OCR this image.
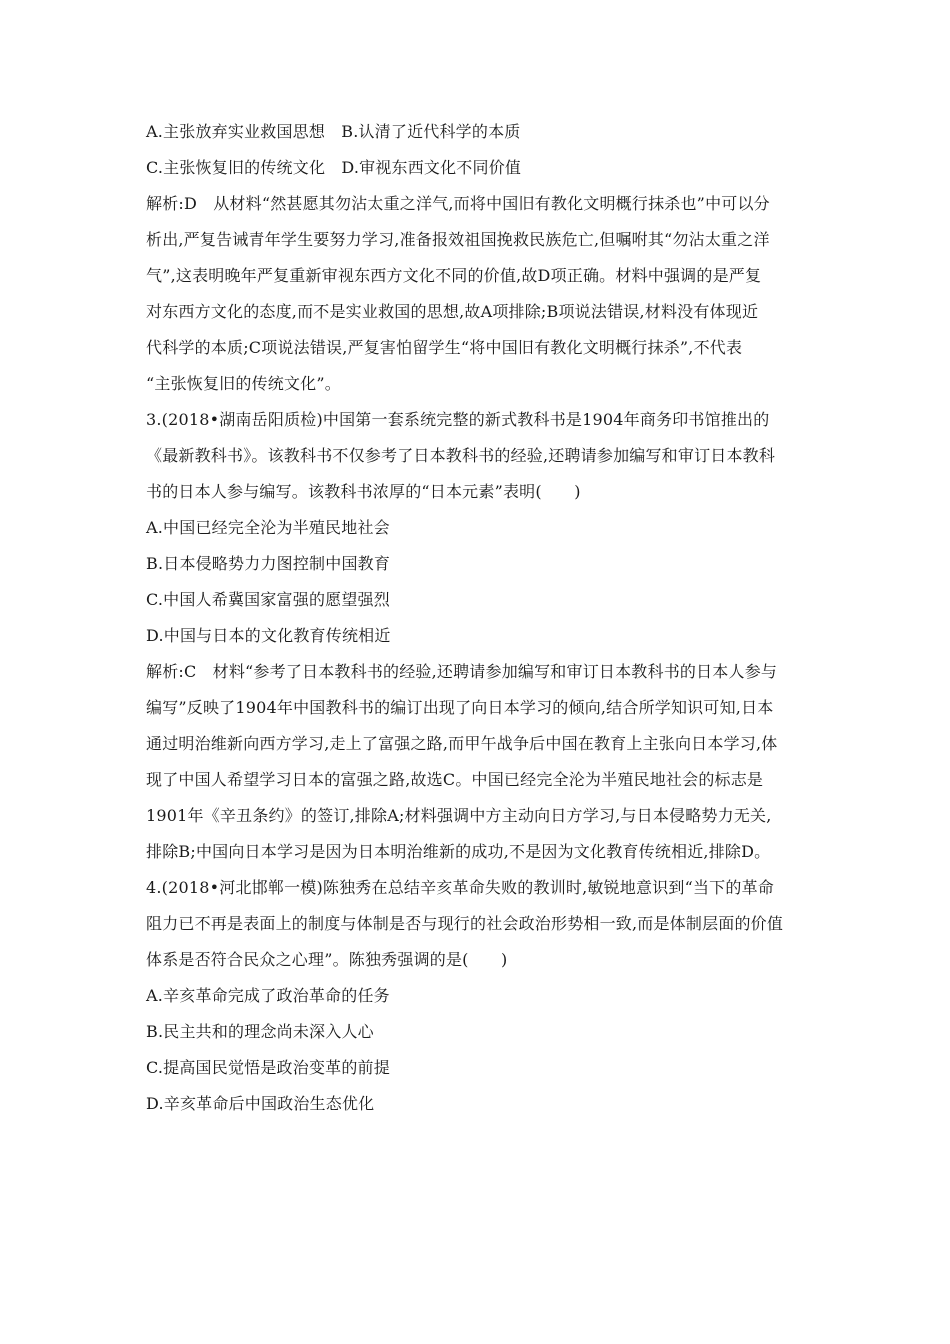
A.主张放弃实业救国思想　B.认清了近代科学的本质
C.主张恢复旧的传统文化　D.审视东西文化不同价值
解析:D　从材料“然甚愿其勿沾太重之洋气,而将中国旧有教化文明概行抹杀也”中可以分
析出,严复告诫青年学生要努力学习,准备报效祖国挽救民族危亡,但嘱咐其“勿沾太重之洋
气”,这表明晚年严复重新审视东西方文化不同的价值,故D项正确。材料中强调的是严复
对东西方文化的态度,而不是实业救国的思想,故A项排除;B项说法错误,材料没有体现近
代科学的本质;C项说法错误,严复害怕留学生“将中国旧有教化文明概行抹杀”,不代表
“主张恢复旧的传统文化”。
3.(2018•湖南岳阳质检)中国第一套系统完整的新式教科书是1904年商务印书馆推出的
《最新教科书》。该教科书不仅参考了日本教科书的经验,还聘请参加编写和审订日本教科
书的日本人参与编写。该教科书浓厚的“日本元素”表明(　　)
A.中国已经完全沦为半殖民地社会
B.日本侵略势力力图控制中国教育
C.中国人希冀国家富强的愿望强烈
D.中国与日本的文化教育传统相近
解析:C　材料“参考了日本教科书的经验,还聘请参加编写和审订日本教科书的日本人参与
编写”反映了1904年中国教科书的编订出现了向日本学习的倾向,结合所学知识可知,日本
通过明治维新向西方学习,走上了富强之路,而甲午战争后中国在教育上主张向日本学习,体
现了中国人希望学习日本的富强之路,故选C。中国已经完全沦为半殖民地社会的标志是
1901年《辛丑条约》的签订,排除A;材料强调中方主动向日方学习,与日本侵略势力无关,
排除B;中国向日本学习是因为日本明治维新的成功,不是因为文化教育传统相近,排除D。
4.(2018•河北邯郸一模)陈独秀在总结辛亥革命失败的教训时,敏锐地意识到“当下的革命
阻力已不再是表面上的制度与体制是否与现行的社会政治形势相一致,而是体制层面的价值
体系是否符合民众之心理”。陈独秀强调的是(　　)
A.辛亥革命完成了政治革命的任务
B.民主共和的理念尚未深入人心
C.提高国民觉悟是政治变革的前提
D.辛亥革命后中国政治生态优化
